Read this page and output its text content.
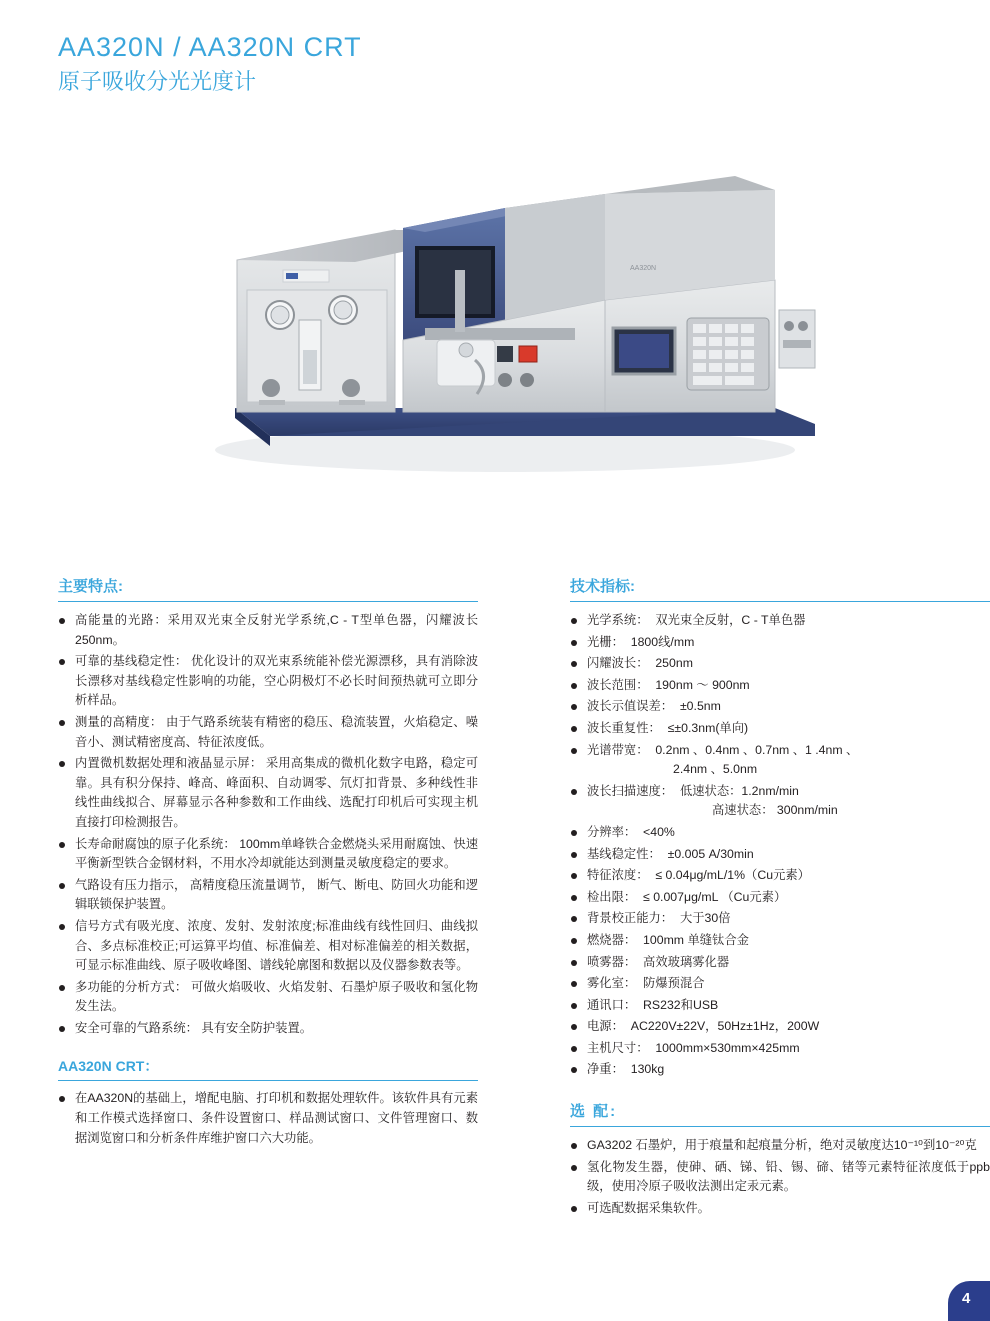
AA320N / AA320N CRT
原子吸收分光光度计
AA320N
主要特点:
高能量的光路：采用双光束全反射光学系统,C - T型单色器，闪耀波长250nm。
可靠的基线稳定性： 优化设计的双光束系统能补偿光源漂移，具有消除波长漂移对基线稳定性影响的功能，空心阴极灯不必长时间预热就可立即分析样品。
测量的高精度： 由于气路系统装有精密的稳压、稳流装置，火焰稳定、噪音小、测试精密度高、特征浓度低。
内置微机数据处理和液晶显示屏： 采用高集成的微机化数字电路，稳定可靠。具有积分保持、峰高、峰面积、自动调零、氘灯扣背景、多种线性非线性曲线拟合、屏幕显示各种参数和工作曲线、选配打印机后可实现主机直接打印检测报告。
长寿命耐腐蚀的原子化系统： 100mm单峰铁合金燃烧头采用耐腐蚀、快速平衡新型铁合金钢材料，不用水冷却就能达到测量灵敏度稳定的要求。
气路设有压力指示， 高精度稳压流量调节， 断气、断电、防回火功能和逻辑联锁保护装置。
信号方式有吸光度、浓度、发射、发射浓度;标准曲线有线性回归、曲线拟合、多点标准校正;可运算平均值、标准偏差、相对标准偏差的相关数据，可显示标准曲线、原子吸收峰图、谱线轮廓图和数据以及仪器参数表等。
多功能的分析方式： 可做火焰吸收、火焰发射、石墨炉原子吸收和氢化物发生法。
安全可靠的气路系统： 具有安全防护装置。
AA320N CRT：
在AA320N的基础上，增配电脑、打印机和数据处理软件。该软件具有元素和工作模式选择窗口、条件设置窗口、样品测试窗口、文件管理窗口、数据浏览窗口和分析条件库维护窗口六大功能。
技术指标:
光学系统： 双光束全反射，C - T单色器
光栅： 1800线/mm
闪耀波长： 250nm
波长范围： 190nm ～ 900nm
波长示值误差： ±0.5nm
波长重复性： ≤±0.3nm(单向)
光谱带宽： 0.2nm 、0.4nm 、0.7nm 、1 .4nm 、
2.4nm 、5.0nm
波长扫描速度： 低速状态：1.2nm/min
高速状态： 300nm/min
分辨率： <40%
基线稳定性： ±0.005 A/30min
特征浓度： ≤ 0.04μg/mL/1%（Cu元素）
检出限： ≤ 0.007μg/mL （Cu元素）
背景校正能力： 大于30倍
燃烧器： 100mm 单缝钛合金
喷雾器： 高效玻璃雾化器
雾化室： 防爆预混合
通讯口： RS232和USB
电源： AC220V±22V，50Hz±1Hz，200W
主机尺寸： 1000mm×530mm×425mm
净重： 130kg
选 配:
GA3202 石墨炉，用于痕量和起痕量分析，绝对灵敏度达10⁻¹⁰到10⁻²⁰克
氢化物发生器，使砷、硒、锑、铅、锡、碲、锗等元素特征浓度低于ppb级，使用冷原子吸收法测出定汞元素。
可选配数据采集软件。
4
